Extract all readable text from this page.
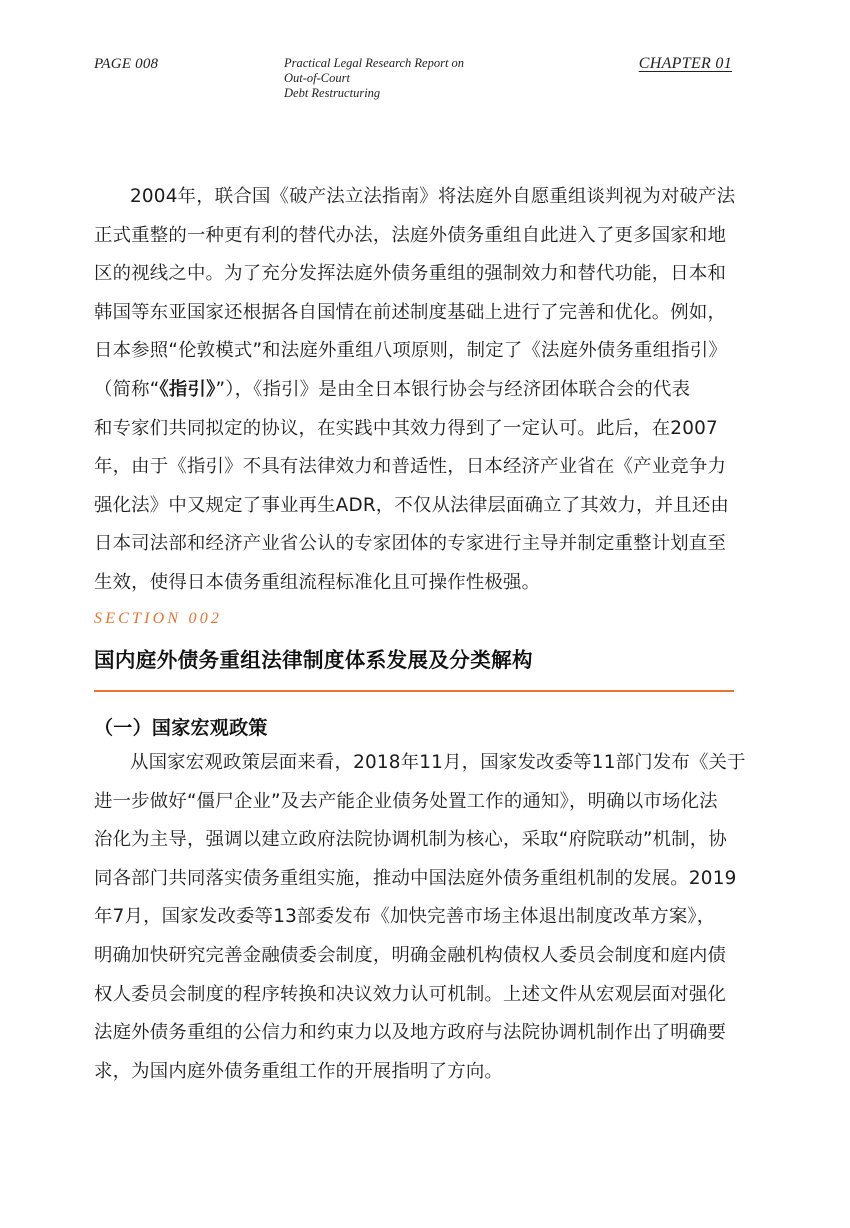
PAGE 008	Practical Legal Research Report on
Out-of-Court
Debt Restructuring
CHAPTER 01
2004年，联合国《破产法立法指南》将法庭外自愿重组谈判视为对破产法
正式重整的一种更有利的替代办法，法庭外债务重组自此进入了更多国家和地
区的视线之中。为了充分发挥法庭外债务重组的强制效力和替代功能，日本和
韩国等东亚国家还根据各自国情在前述制度基础上进行了完善和优化。例如，
日本参照“伦敦模式”和法庭外重组八项原则，制定了《法庭外债务重组指引》
（简称“《指引》”），《指引》是由全日本银行协会与经济团体联合会的代表
和专家们共同拟定的协议，在实践中其效力得到了一定认可。此后，在2007
年，由于《指引》不具有法律效力和普适性，日本经济产业省在《产业竞争力
强化法》中又规定了事业再生ADR，不仅从法律层面确立了其效力，并且还由
日本司法部和经济产业省公认的专家团体的专家进行主导并制定重整计划直至
生效，使得日本债务重组流程标准化且可操作性极强。
SECTION 002
国内庭外债务重组法律制度体系发展及分类解构
（一）国家宏观政策
从国家宏观政策层面来看，2018年11月，国家发改委等11部门发布《关于
进一步做好“僵尸企业”及去产能企业债务处置工作的通知》，明确以市场化法
治化为主导，强调以建立政府法院协调机制为核心，采取“府院联动”机制，协
同各部门共同落实债务重组实施，推动中国法庭外债务重组机制的发展。2019
年7月，国家发改委等13部委发布《加快完善市场主体退出制度改革方案》，
明确加快研究完善金融债委会制度，明确金融机构债权人委员会制度和庭内债
权人委员会制度的程序转换和决议效力认可机制。上述文件从宏观层面对强化
法庭外债务重组的公信力和约束力以及地方政府与法院协调机制作出了明确要
求，为国内庭外债务重组工作的开展指明了方向。
